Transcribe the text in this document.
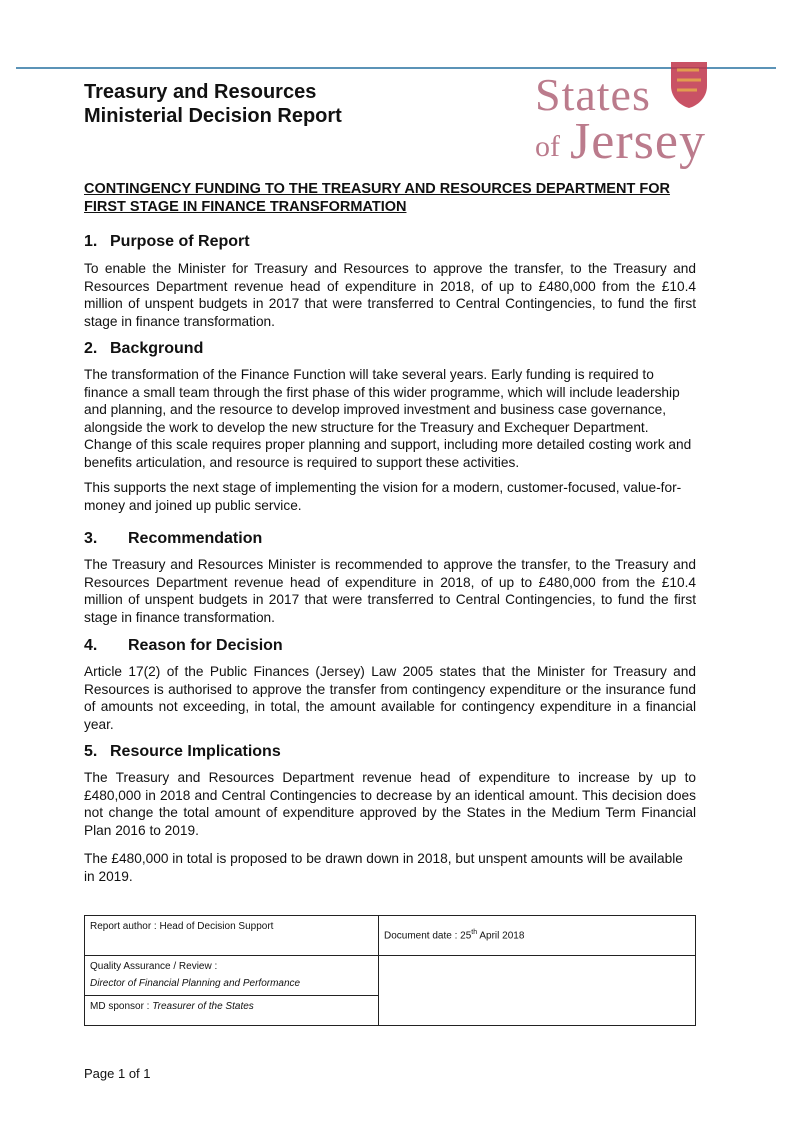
Treasury and Resources
Ministerial Decision Report	States
of Jersey
CONTINGENCY FUNDING TO THE TREASURY AND RESOURCES DEPARTMENT FOR
FIRST STAGE IN FINANCE TRANSFORMATION
1. Purpose of Report
To enable the Minister for Treasury and Resources to approve the transfer, to the Treasury and Resources Department revenue head of expenditure in 2018, of up to £480,000 from the £10.4 million of unspent budgets in 2017 that were transferred to Central Contingencies, to fund the first stage in finance transformation.
2. Background
The transformation of the Finance Function will take several years. Early funding is required to finance a small team through the first phase of this wider programme, which will include leadership and planning, and the resource to develop improved investment and business case governance, alongside the work to develop the new structure for the Treasury and Exchequer Department. Change of this scale requires proper planning and support, including more detailed costing work and benefits articulation, and resource is required to support these activities.
This supports the next stage of implementing the vision for a modern, customer-focused, value-for-money and joined up public service.
3. Recommendation
The Treasury and Resources Minister is recommended to approve the transfer, to the Treasury and Resources Department revenue head of expenditure in 2018, of up to £480,000 from the £10.4 million of unspent budgets in 2017 that were transferred to Central Contingencies, to fund the first stage in finance transformation.
4. Reason for Decision
Article 17(2) of the Public Finances (Jersey) Law 2005 states that the Minister for Treasury and Resources is authorised to approve the transfer from contingency expenditure or the insurance fund of amounts not exceeding, in total, the amount available for contingency expenditure in a financial year.
5. Resource Implications
The Treasury and Resources Department revenue head of expenditure to increase by up to £480,000 in 2018 and Central Contingencies to decrease by an identical amount. This decision does not change the total amount of expenditure approved by the States in the Medium Term Financial Plan 2016 to 2019.
The £480,000 in total is proposed to be drawn down in 2018, but unspent amounts will be available in 2019.
Report author : Head of Decision Support	Document date : 25th April 2018

Quality Assurance / Review :
Director of Financial Planning and Performance	

MD sponsor : Treasurer of the States	
Page 1 of 1
